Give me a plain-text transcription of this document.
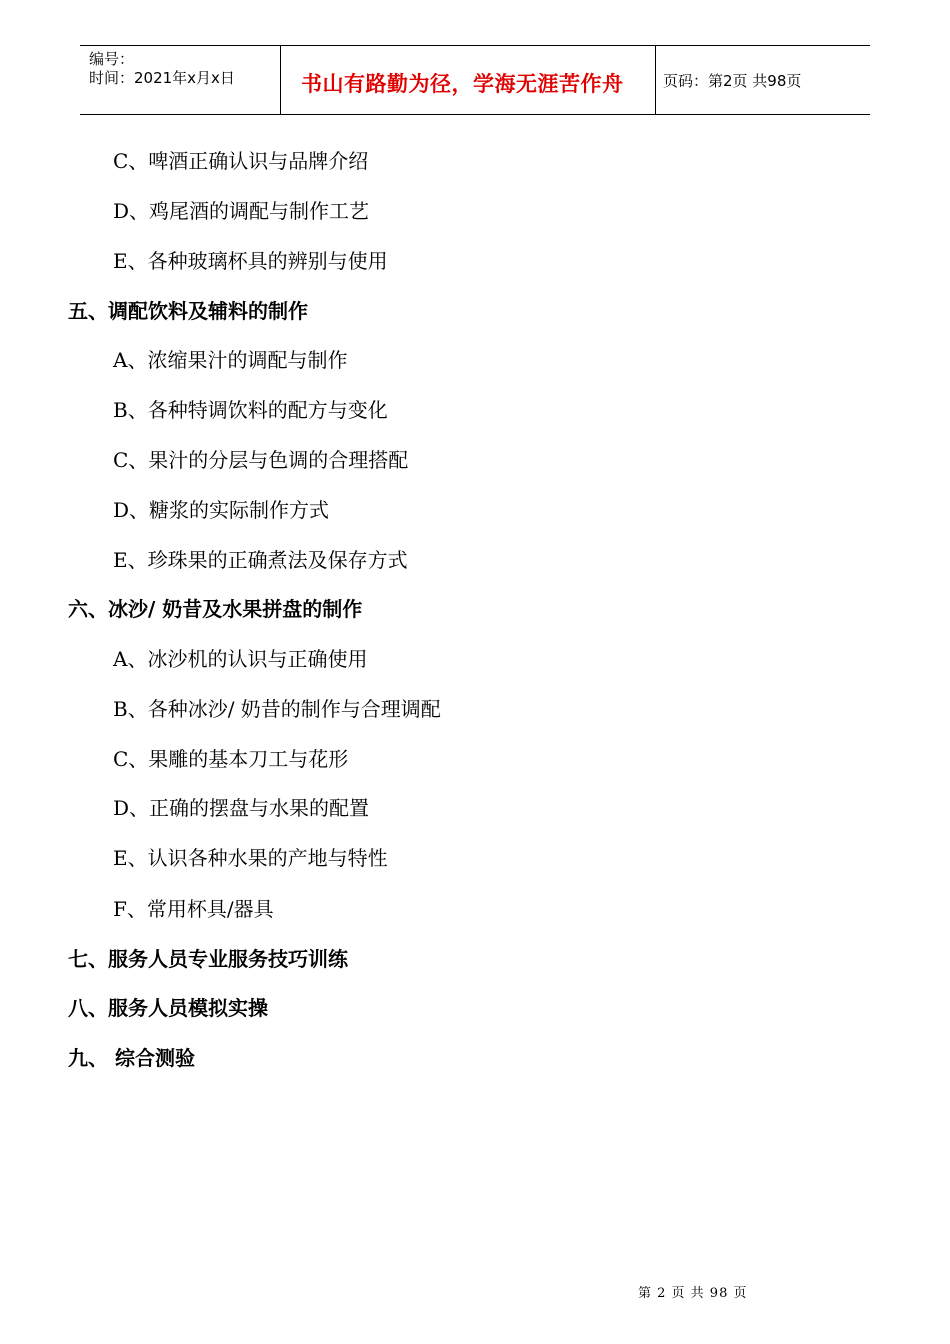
编号：
时间：2021年x月x日	书山有路勤为径，学海无涯苦作舟	页码：第2页 共98页
C、啤酒正确认识与品牌介绍
D、鸡尾酒的调配与制作工艺
E、各种玻璃杯具的辨别与使用
五、调配饮料及辅料的制作
A、浓缩果汁的调配与制作
B、各种特调饮料的配方与变化
C、果汁的分层与色调的合理搭配
D、糖浆的实际制作方式
E、珍珠果的正确煮法及保存方式
六、冰沙/ 奶昔及水果拼盘的制作
A、冰沙机的认识与正确使用
B、各种冰沙/ 奶昔的制作与合理调配
C、果雕的基本刀工与花形
D、正确的摆盘与水果的配置
E、认识各种水果的产地与特性
F、常用杯具/器具
七、服务人员专业服务技巧训练
八、服务人员模拟实操
九、 综合测验
第 2 页 共 98 页
